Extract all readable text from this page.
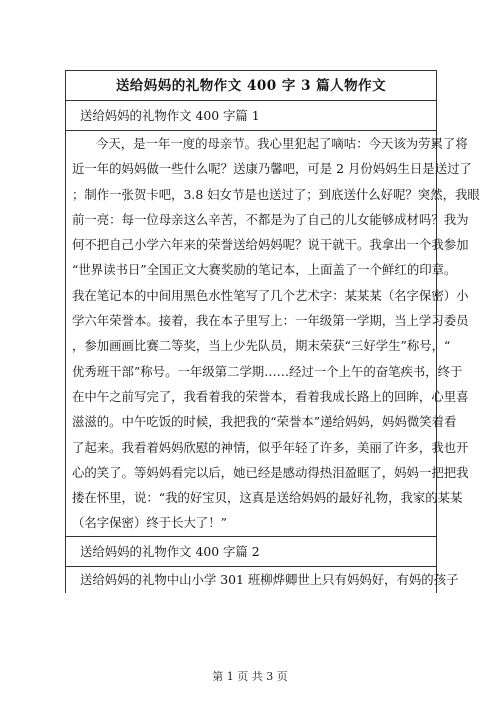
送给妈妈的礼物作文 400 字 3 篇人物作文
送给妈妈的礼物作文 400 字篇 1
今天，是一年一度的母亲节。我心里犯起了嘀咕：今天该为劳累了将
近一年的妈妈做一些什么呢？送康乃馨吧，可是 2 月份妈妈生日是送过了
；制作一张贺卡吧，3.8 妇女节是也送过了；到底送什么好呢？突然，我眼
前一亮：每一位母亲这么辛苦，不都是为了自己的儿女能够成材吗？我为
何不把自己小学六年来的荣誉送给妈妈呢？说干就干。我拿出一个我参加
“世界读书日”全国正文大赛奖励的笔记本，上面盖了一个鲜红的印章。
我在笔记本的中间用黑色水性笔写了几个艺术字：某某某（名字保密）小
学六年荣誉本。接着，我在本子里写上：一年级第一学期，当上学习委员
，参加画画比赛二等奖，当上少先队员，期末荣获“三好学生”称号，“
优秀班干部”称号。一年级第二学期……经过一个上午的奋笔疾书，终于
在中午之前写完了，我看着我的荣誉本，看着我成长路上的回眸，心里喜
滋滋的。中午吃饭的时候，我把我的“荣誉本”递给妈妈，妈妈微笑着看
了起来。我看着妈妈欣慰的神情，似乎年轻了许多，美丽了许多，我也开
心的笑了。等妈妈看完以后，她已经是感动得热泪盈眶了，妈妈一把把我
搂在怀里，说：“我的好宝贝，这真是送给妈妈的最好礼物，我家的某某
（名字保密）终于长大了！”
送给妈妈的礼物作文 400 字篇 2
送给妈妈的礼物中山小学 301 班柳烨卿世上只有妈妈好，有妈的孩子
第 1 页 共 3 页
